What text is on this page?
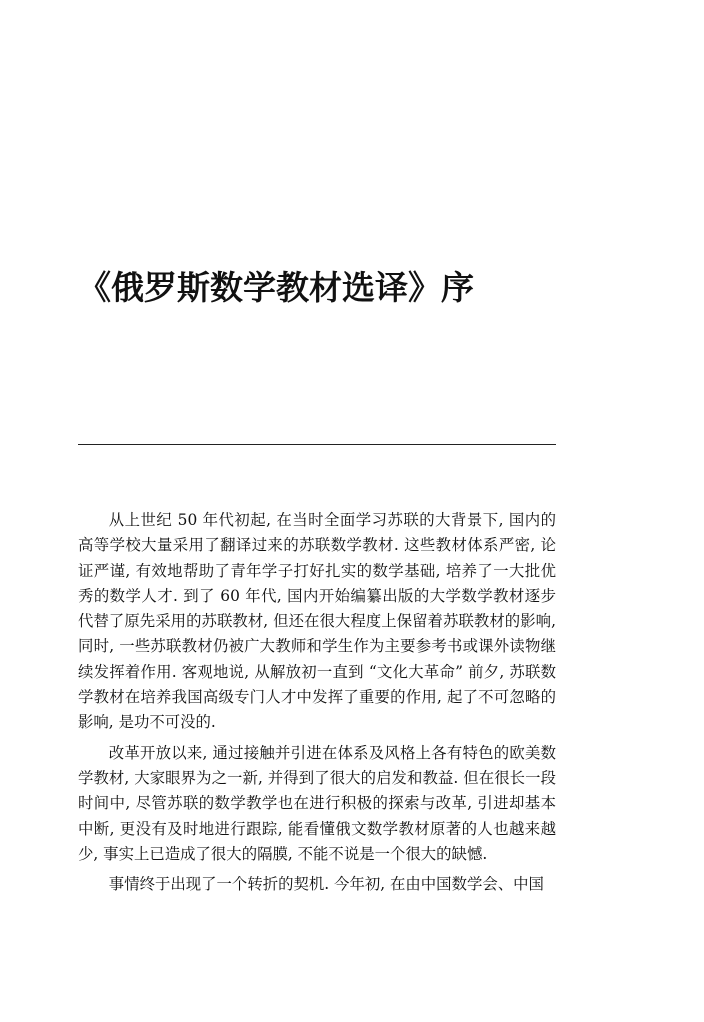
《俄罗斯数学教材选译》序

从上世纪 50 年代初起, 在当时全面学习苏联的大背景下, 国内的高等学校大量采用了翻译过来的苏联数学教材. 这些教材体系严密, 论证严谨, 有效地帮助了青年学子打好扎实的数学基础, 培养了一大批优秀的数学人才. 到了 60 年代, 国内开始编纂出版的大学数学教材逐步代替了原先采用的苏联教材, 但还在很大程度上保留着苏联教材的影响, 同时, 一些苏联教材仍被广大教师和学生作为主要参考书或课外读物继续发挥着作用. 客观地说, 从解放初一直到 “文化大革命” 前夕, 苏联数学教材在培养我国高级专门人才中发挥了重要的作用, 起了不可忽略的影响, 是功不可没的.

改革开放以来, 通过接触并引进在体系及风格上各有特色的欧美数学教材, 大家眼界为之一新, 并得到了很大的启发和教益. 但在很长一段时间中, 尽管苏联的数学教学也在进行积极的探索与改革, 引进却基本中断, 更没有及时地进行跟踪, 能看懂俄文数学教材原著的人也越来越少, 事实上已造成了很大的隔膜, 不能不说是一个很大的缺憾.

事情终于出现了一个转折的契机. 今年初, 在由中国数学会、中国
